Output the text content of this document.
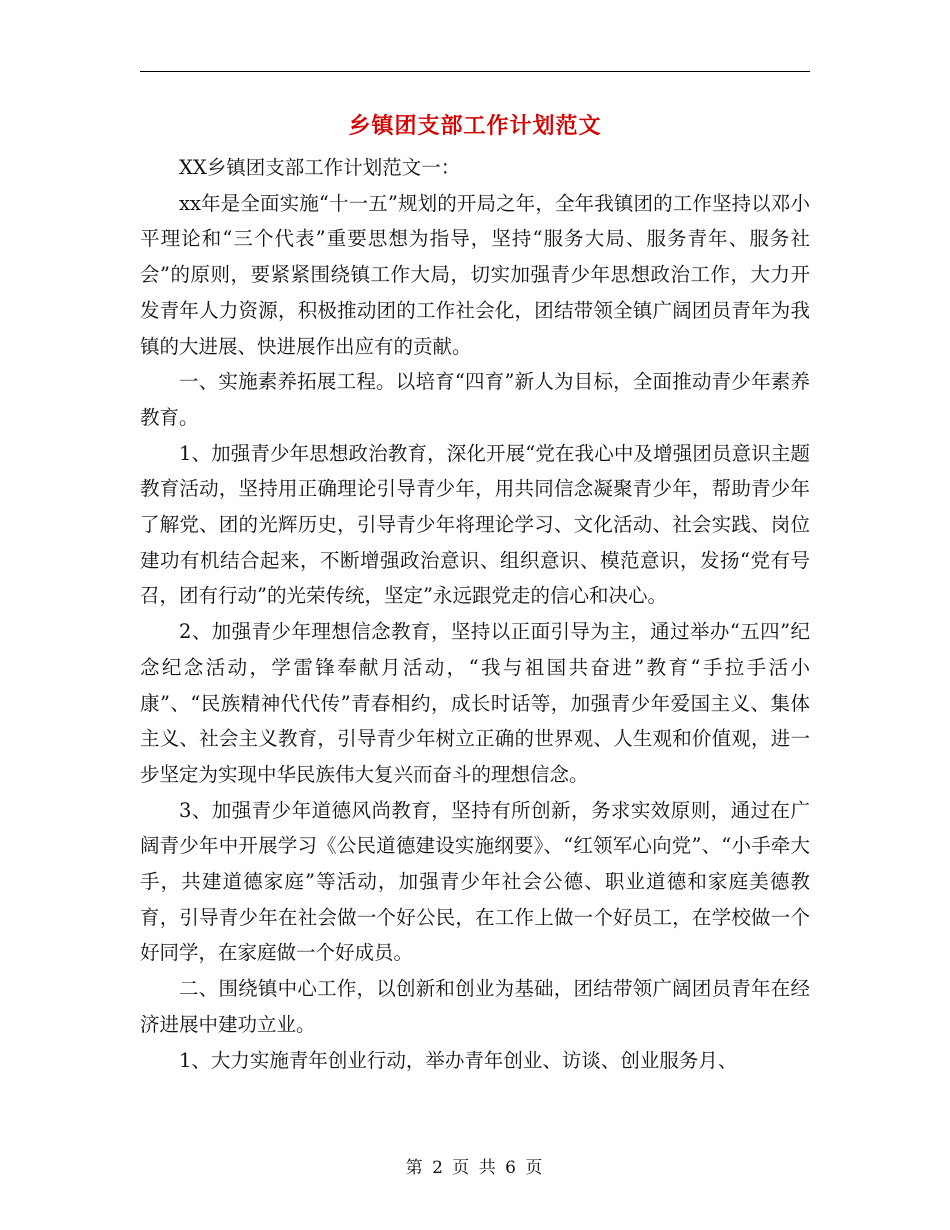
乡镇团支部工作计划范文

XX乡镇团支部工作计划范文一：

xx年是全面实施“十一五”规划的开局之年，全年我镇团的工作坚持以邓小平理论和“三个代表”重要思想为指导，坚持“服务大局、服务青年、服务社会”的原则，要紧紧围绕镇工作大局，切实加强青少年思想政治工作，大力开发青年人力资源，积极推动团的工作社会化，团结带领全镇广阔团员青年为我镇的大进展、快进展作出应有的贡献。

一、实施素养拓展工程。以培育“四育”新人为目标，全面推动青少年素养教育。

1、加强青少年思想政治教育，深化开展“党在我心中及增强团员意识主题教育活动，坚持用正确理论引导青少年，用共同信念凝聚青少年，帮助青少年了解党、团的光辉历史，引导青少年将理论学习、文化活动、社会实践、岗位建功有机结合起来，不断增强政治意识、组织意识、模范意识，发扬“党有号召，团有行动”的光荣传统，坚定”永远跟党走的信心和决心。

2、加强青少年理想信念教育，坚持以正面引导为主，通过举办“五四”纪念纪念活动，学雷锋奉献月活动，“我与祖国共奋进”教育“手拉手活小康”、“民族精神代代传”青春相约，成长时话等，加强青少年爱国主义、集体主义、社会主义教育，引导青少年树立正确的世界观、人生观和价值观，进一步坚定为实现中华民族伟大复兴而奋斗的理想信念。

3、加强青少年道德风尚教育，坚持有所创新，务求实效原则，通过在广阔青少年中开展学习《公民道德建设实施纲要》、“红领军心向党”、“小手牵大手，共建道德家庭”等活动，加强青少年社会公德、职业道德和家庭美德教育，引导青少年在社会做一个好公民，在工作上做一个好员工，在学校做一个好同学，在家庭做一个好成员。

二、围绕镇中心工作，以创新和创业为基础，团结带领广阔团员青年在经济进展中建功立业。

1、大力实施青年创业行动，举办青年创业、访谈、创业服务月、

第 2 页 共 6 页
